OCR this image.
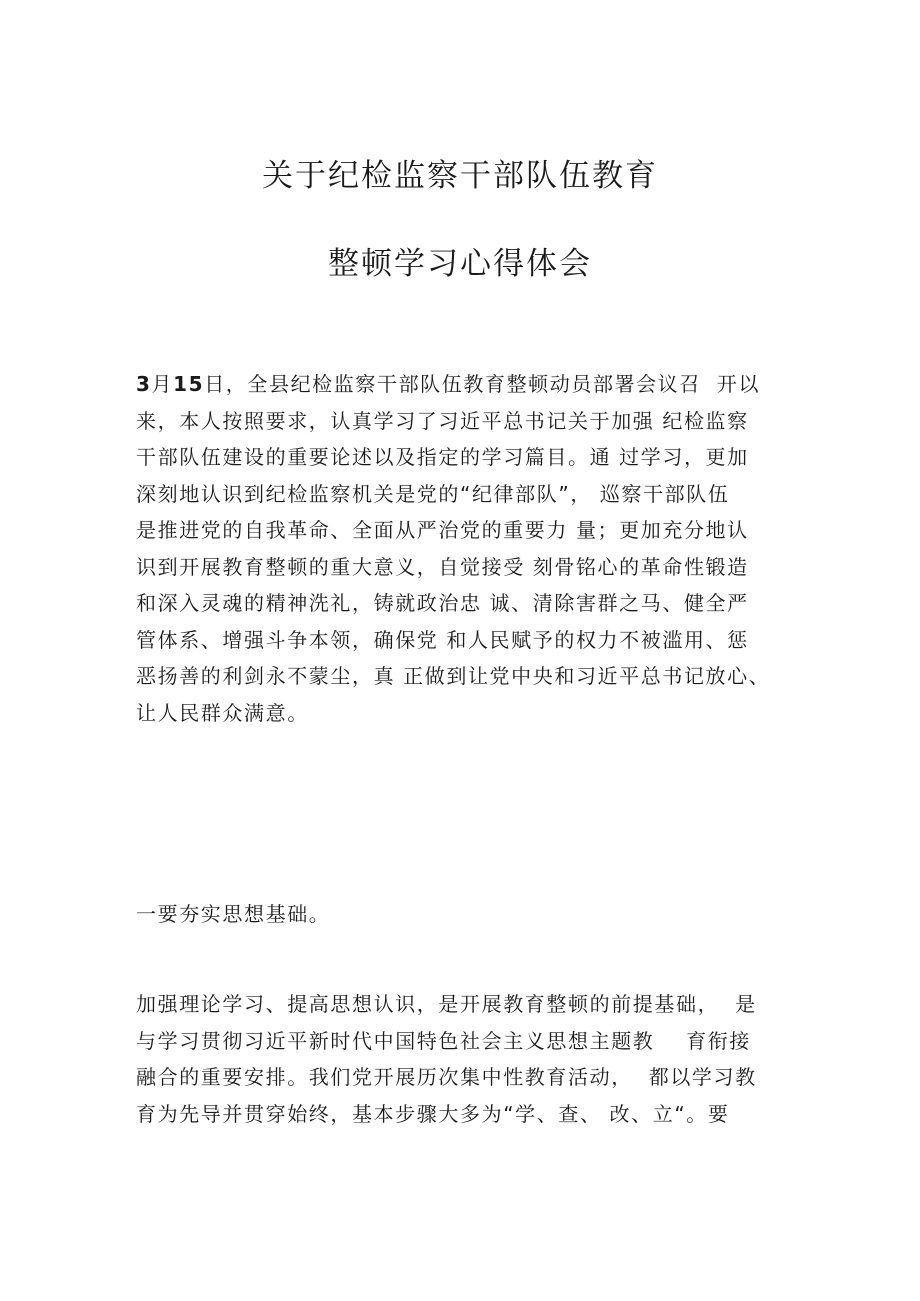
关于纪检监察干部队伍教育
整顿学习心得体会
3月15日，全县纪检监察干部队伍教育整顿动员部署会议召  开以
来，本人按照要求，认真学习了习近平总书记关于加强 纪检监察
干部队伍建设的重要论述以及指定的学习篇目。通 过学习，更加
深刻地认识到纪检监察机关是党的“纪律部队”， 巡察干部队伍
是推进党的自我革命、全面从严治党的重要力 量；更加充分地认
识到开展教育整顿的重大意义，自觉接受 刻骨铭心的革命性锻造
和深入灵魂的精神洗礼，铸就政治忠 诚、清除害群之马、健全严
管体系、增强斗争本领，确保党 和人民赋予的权力不被滥用、惩
恶扬善的利剑永不蒙尘，真 正做到让党中央和习近平总书记放心、
让人民群众满意。
一要夯实思想基础。
加强理论学习、提高思想认识，是开展教育整顿的前提基础，  是
与学习贯彻习近平新时代中国特色社会主义思想主题教    育衔接
融合的重要安排。我们党开展历次集中性教育活动，  都以学习教
育为先导并贯穿始终，基本步骤大多为“学、查、 改、立“。要
